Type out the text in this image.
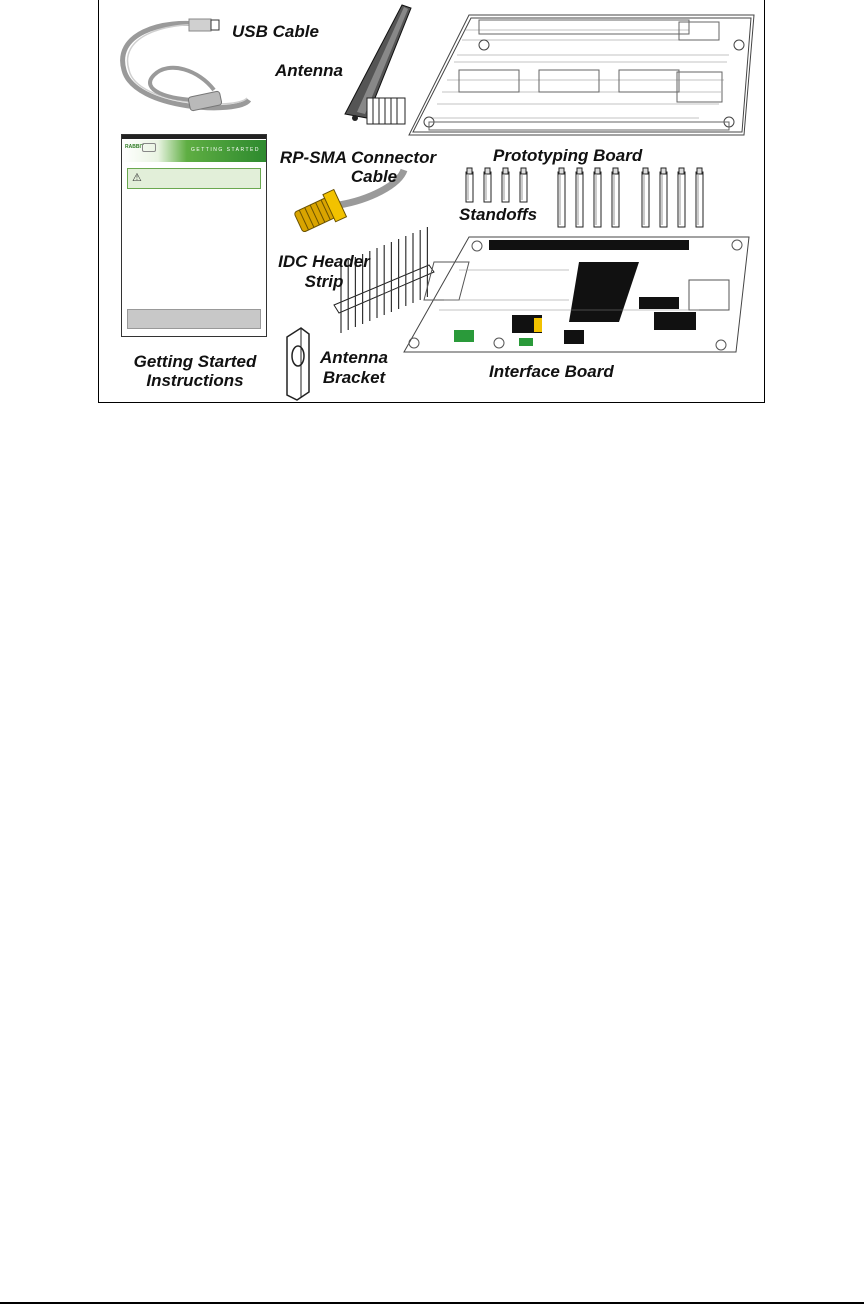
RABBIT	GETTING STARTED
⚠
USB Cable
Antenna
Prototyping Board
RP-SMA Connector
Cable
Standoffs
IDC Header
Strip
Getting Started
Instructions
Antenna
Bracket	Interface Board
